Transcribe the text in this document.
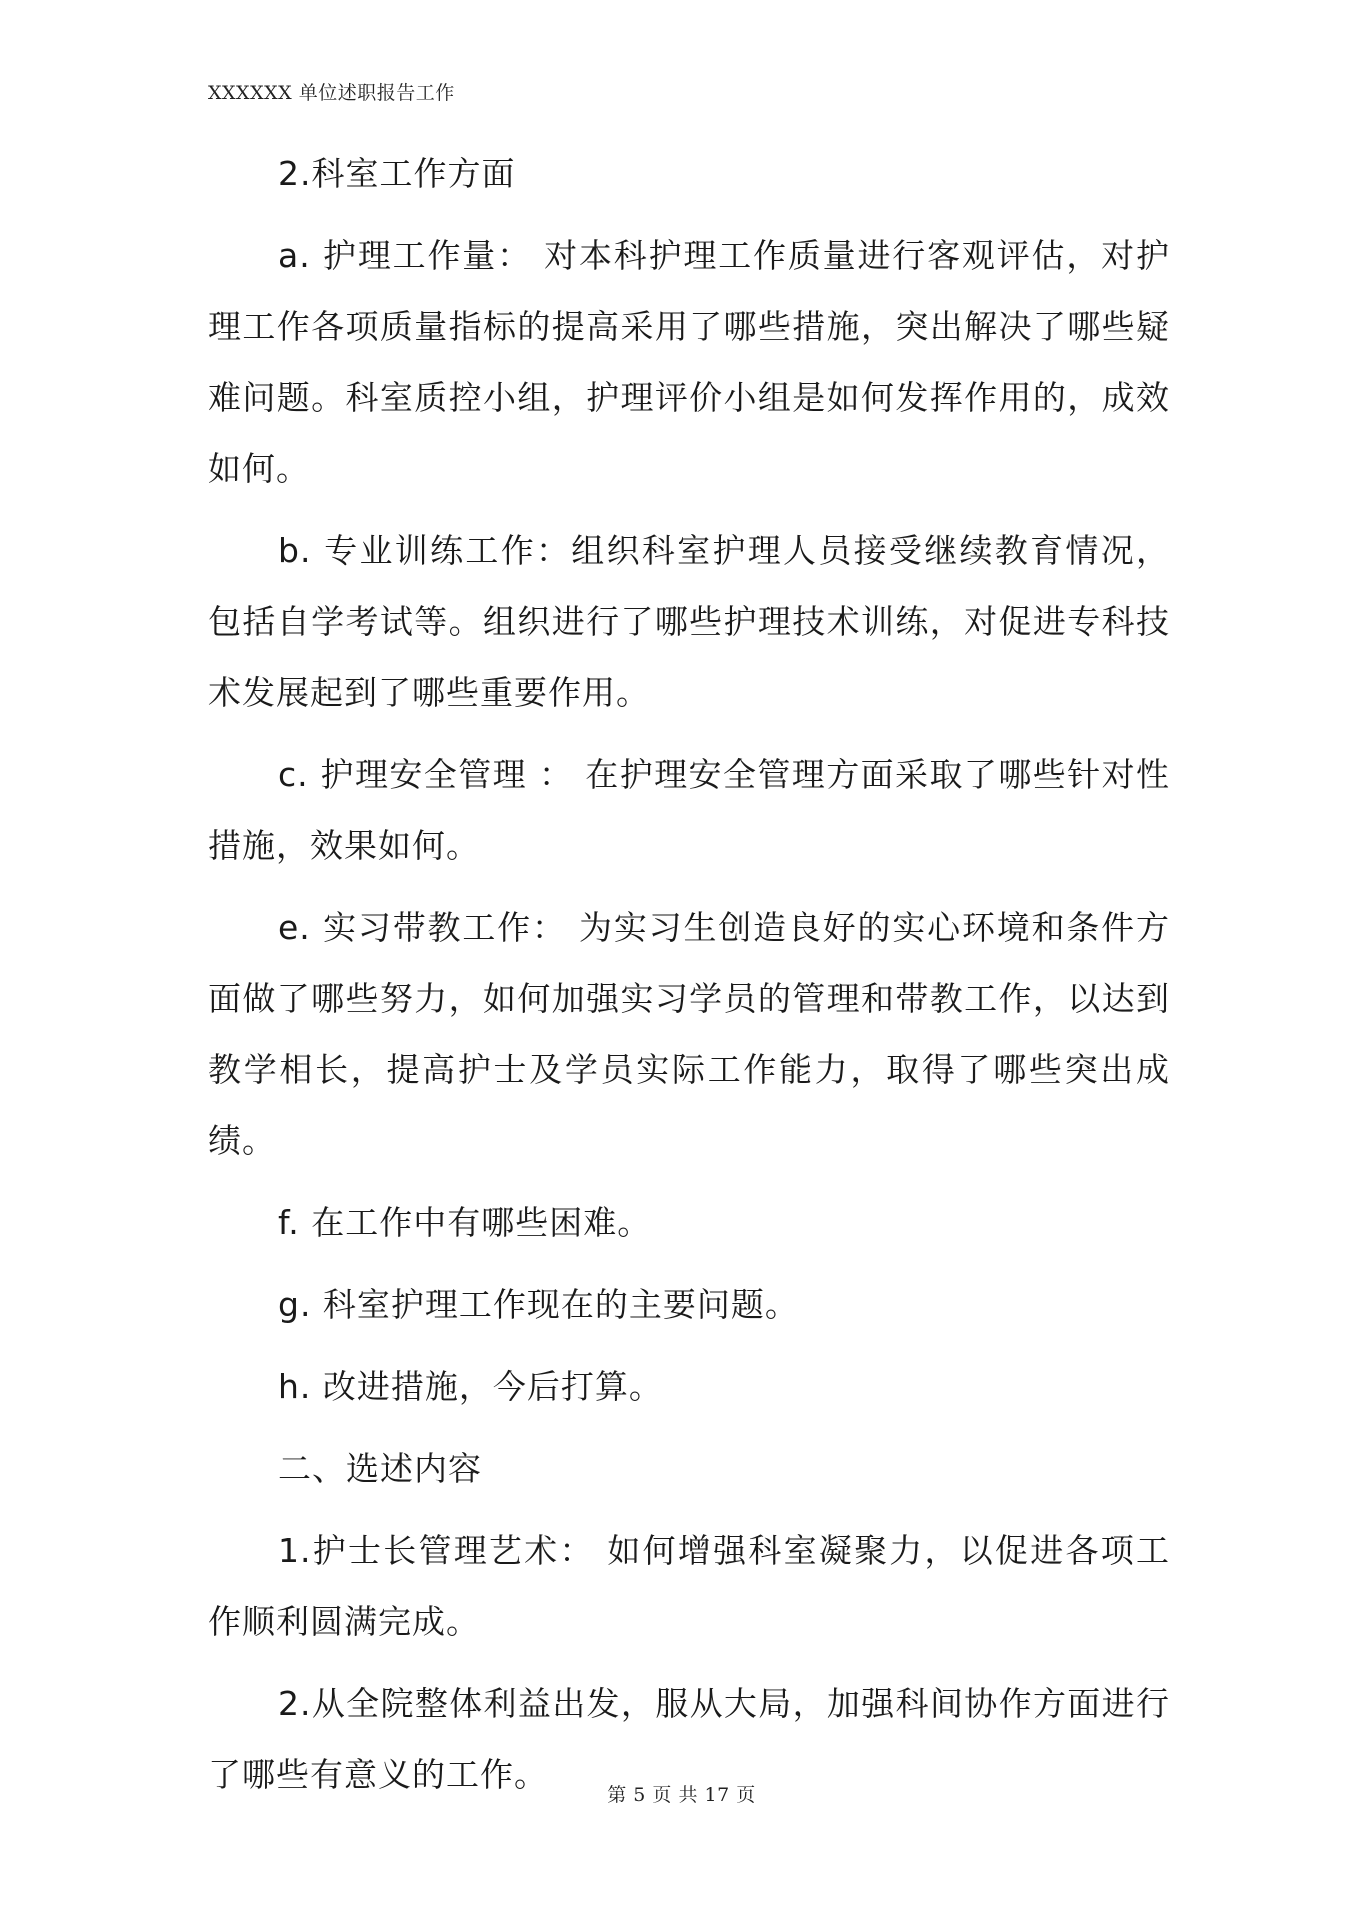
XXXXXX 单位述职报告工作

2.科室工作方面

a. 护理工作量： 对本科护理工作质量进行客观评估，对护理工作各项质量指标的提高采用了哪些措施，突出解决了哪些疑难问题。科室质控小组，护理评价小组是如何发挥作用的，成效如何。

b. 专业训练工作：组织科室护理人员接受继续教育情况，包括自学考试等。组织进行了哪些护理技术训练，对促进专科技术发展起到了哪些重要作用。

c. 护理安全管理 ： 在护理安全管理方面采取了哪些针对性措施，效果如何。

e. 实习带教工作： 为实习生创造良好的实心环境和条件方面做了哪些努力，如何加强实习学员的管理和带教工作，以达到教学相长，提高护士及学员实际工作能力，取得了哪些突出成绩。

f. 在工作中有哪些困难。

g. 科室护理工作现在的主要问题。

h. 改进措施，今后打算。

二、选述内容

1.护士长管理艺术： 如何增强科室凝聚力，以促进各项工作顺利圆满完成。

2.从全院整体利益出发，服从大局，加强科间协作方面进行了哪些有意义的工作。

第 5 页 共 17 页
